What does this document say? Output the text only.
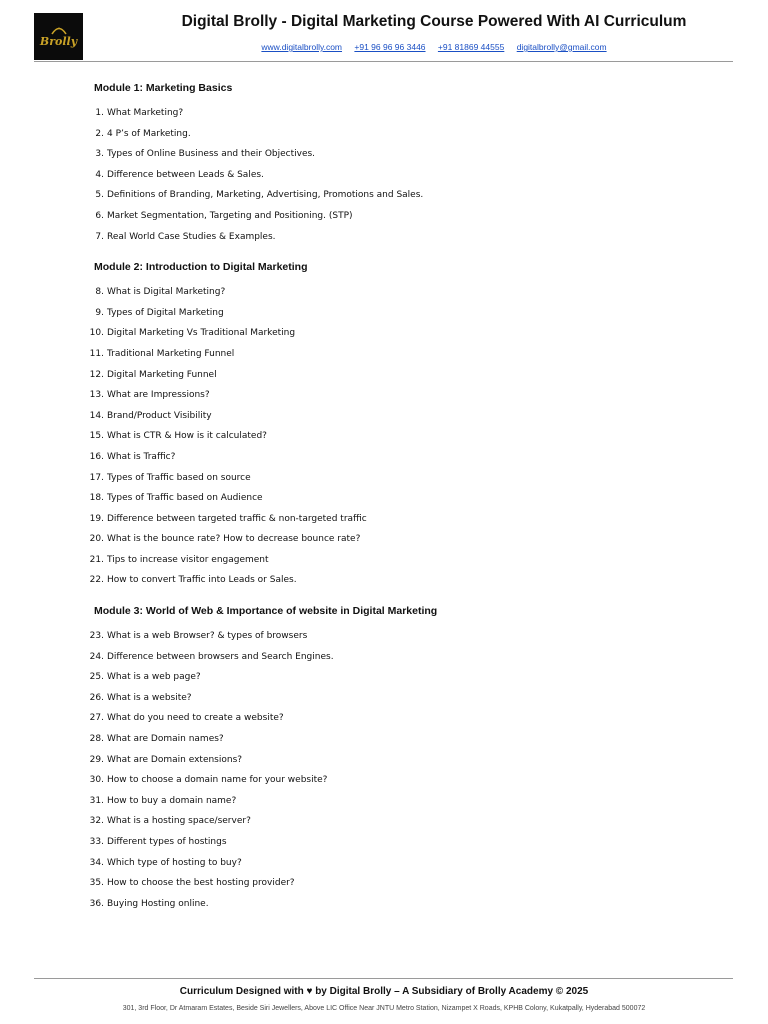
Brolly
Digital Brolly - Digital Marketing Course Powered With AI Curriculum
www.digitalbrolly.com +91 96 96 96 3446 +91 81869 44555 digitalbrolly@gmail.com
Module 1: Marketing Basics
1. What Marketing?
2. 4 P’s of Marketing.
3. Types of Online Business and their Objectives.
4. Difference between Leads & Sales.
5. Definitions of Branding, Marketing, Advertising, Promotions and Sales.
6. Market Segmentation, Targeting and Positioning. (STP)
7. Real World Case Studies & Examples.
Module 2: Introduction to Digital Marketing
8. What is Digital Marketing?
9. Types of Digital Marketing
10. Digital Marketing Vs Traditional Marketing
11. Traditional Marketing Funnel
12. Digital Marketing Funnel
13. What are Impressions?
14. Brand/Product Visibility
15. What is CTR & How is it calculated?
16. What is Traffic?
17. Types of Traffic based on source
18. Types of Traffic based on Audience
19. Difference between targeted traffic & non-targeted traffic
20. What is the bounce rate? How to decrease bounce rate?
21. Tips to increase visitor engagement
22. How to convert Traffic into Leads or Sales.
Module 3: World of Web & Importance of website in Digital Marketing
23. What is a web Browser? & types of browsers
24. Difference between browsers and Search Engines.
25. What is a web page?
26. What is a website?
27. What do you need to create a website?
28. What are Domain names?
29. What are Domain extensions?
30. How to choose a domain name for your website?
31. How to buy a domain name?
32. What is a hosting space/server?
33. Different types of hostings
34. Which type of hosting to buy?
35. How to choose the best hosting provider?
36. Buying Hosting online.
Curriculum Designed with ♥ by Digital Brolly – A Subsidiary of Brolly Academy © 2025
301, 3rd Floor, Dr Atmaram Estates, Beside Siri Jewellers, Above LIC Office Near JNTU Metro Station, Nizampet X Roads, KPHB Colony, Kukatpally, Hyderabad 500072
